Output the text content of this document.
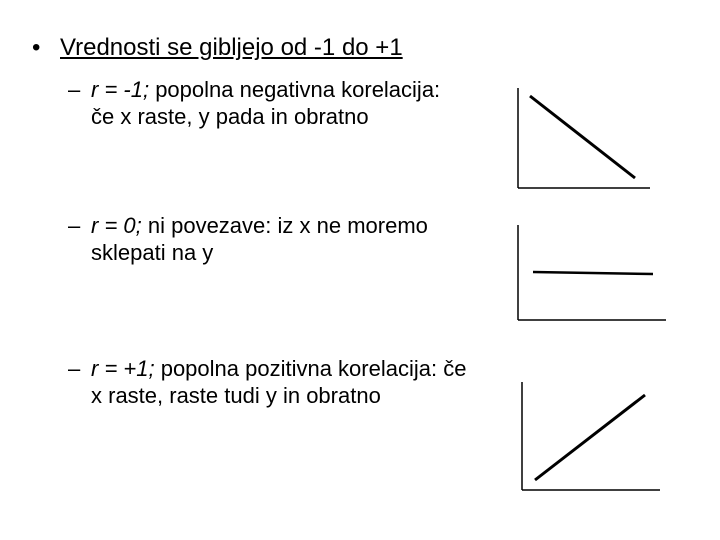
• Vrednosti se gibljejo od -1 do +1
– r = -1; popolna negativna korelacija: če x raste, y pada in obratno
– r = 0; ni povezave: iz x ne moremo sklepati na y
– r = +1; popolna pozitivna korelacija: če x raste, raste tudi y in obratno
